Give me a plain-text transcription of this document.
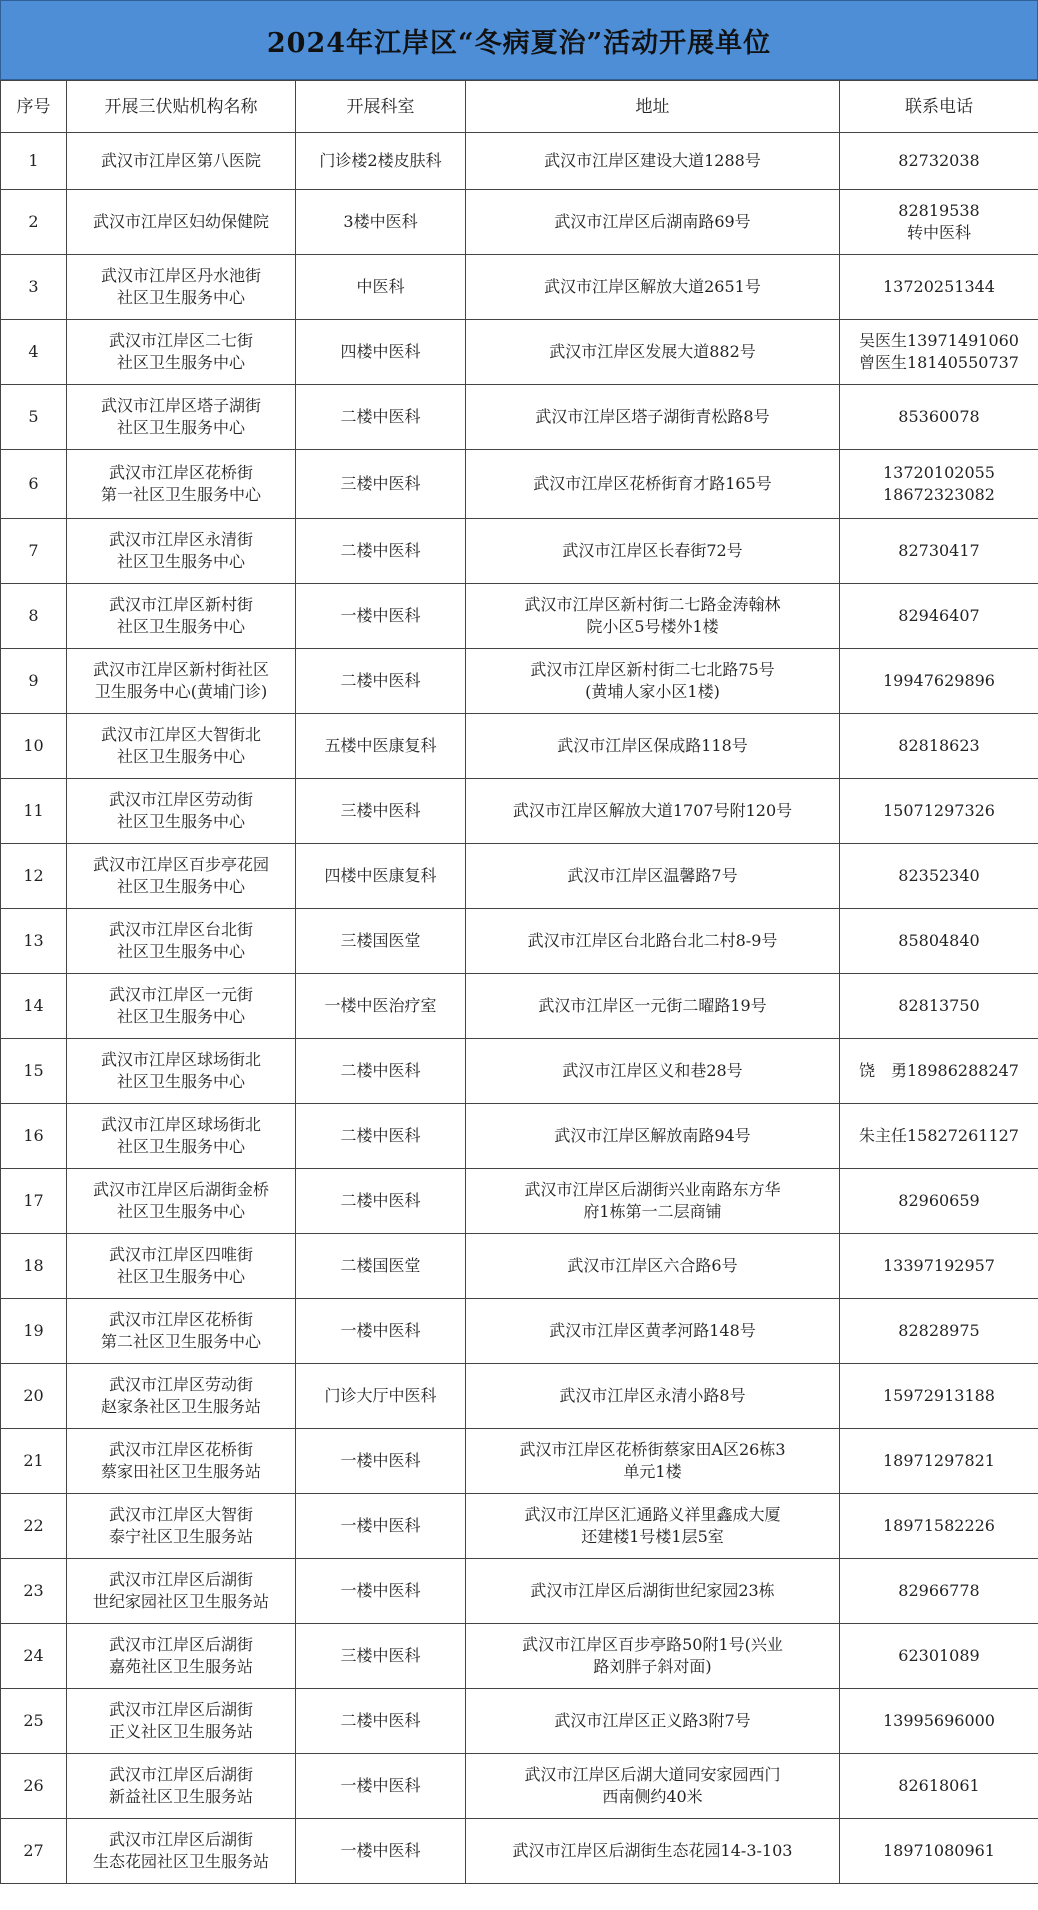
2024年江岸区“冬病夏治”活动开展单位
序号	开展三伏贴机构名称	开展科室	地址	联系电话

1	武汉市江岸区第八医院	门诊楼2楼皮肤科	武汉市江岸区建设大道1288号	82732038

2	武汉市江岸区妇幼保健院	3楼中医科	武汉市江岸区后湖南路69号	82819538
转中医科

3	武汉市江岸区丹水池街
社区卫生服务中心	中医科	武汉市江岸区解放大道2651号	13720251344

4	武汉市江岸区二七街
社区卫生服务中心	四楼中医科	武汉市江岸区发展大道882号	吴医生13971491060
曾医生18140550737

5	武汉市江岸区塔子湖街
社区卫生服务中心	二楼中医科	武汉市江岸区塔子湖街青松路8号	85360078

6	武汉市江岸区花桥街
第一社区卫生服务中心	三楼中医科	武汉市江岸区花桥街育才路165号	13720102055
18672323082

7	武汉市江岸区永清街
社区卫生服务中心	二楼中医科	武汉市江岸区长春街72号	82730417

8	武汉市江岸区新村街
社区卫生服务中心	一楼中医科	武汉市江岸区新村街二七路金涛翰林
院小区5号楼外1楼	82946407

9	武汉市江岸区新村街社区
卫生服务中心(黄埔门诊)	二楼中医科	武汉市江岸区新村街二七北路75号
(黄埔人家小区1楼)	19947629896

10	武汉市江岸区大智街北
社区卫生服务中心	五楼中医康复科	武汉市江岸区保成路118号	82818623

11	武汉市江岸区劳动街
社区卫生服务中心	三楼中医科	武汉市江岸区解放大道1707号附120号	15071297326

12	武汉市江岸区百步亭花园
社区卫生服务中心	四楼中医康复科	武汉市江岸区温馨路7号	82352340

13	武汉市江岸区台北街
社区卫生服务中心	三楼国医堂	武汉市江岸区台北路台北二村8-9号	85804840

14	武汉市江岸区一元街
社区卫生服务中心	一楼中医治疗室	武汉市江岸区一元街二曜路19号	82813750

15	武汉市江岸区球场街北
社区卫生服务中心	二楼中医科	武汉市江岸区义和巷28号	饶　勇18986288247

16	武汉市江岸区球场街北
社区卫生服务中心	二楼中医科	武汉市江岸区解放南路94号	朱主任15827261127

17	武汉市江岸区后湖街金桥
社区卫生服务中心	二楼中医科	武汉市江岸区后湖街兴业南路东方华
府1栋第一二层商铺	82960659

18	武汉市江岸区四唯街
社区卫生服务中心	二楼国医堂	武汉市江岸区六合路6号	13397192957

19	武汉市江岸区花桥街
第二社区卫生服务中心	一楼中医科	武汉市江岸区黄孝河路148号	82828975

20	武汉市江岸区劳动街
赵家条社区卫生服务站	门诊大厅中医科	武汉市江岸区永清小路8号	15972913188

21	武汉市江岸区花桥街
蔡家田社区卫生服务站	一楼中医科	武汉市江岸区花桥街蔡家田A区26栋3
单元1楼	18971297821

22	武汉市江岸区大智街
泰宁社区卫生服务站	一楼中医科	武汉市江岸区汇通路义祥里鑫成大厦
还建楼1号楼1层5室	18971582226

23	武汉市江岸区后湖街
世纪家园社区卫生服务站	一楼中医科	武汉市江岸区后湖街世纪家园23栋	82966778

24	武汉市江岸区后湖街
嘉苑社区卫生服务站	三楼中医科	武汉市江岸区百步亭路50附1号(兴业
路刘胖子斜对面)	62301089

25	武汉市江岸区后湖街
正义社区卫生服务站	二楼中医科	武汉市江岸区正义路3附7号	13995696000

26	武汉市江岸区后湖街
新益社区卫生服务站	一楼中医科	武汉市江岸区后湖大道同安家园西门
西南侧约40米	82618061

27	武汉市江岸区后湖街
生态花园社区卫生服务站	一楼中医科	武汉市江岸区后湖街生态花园14-3-103	18971080961
